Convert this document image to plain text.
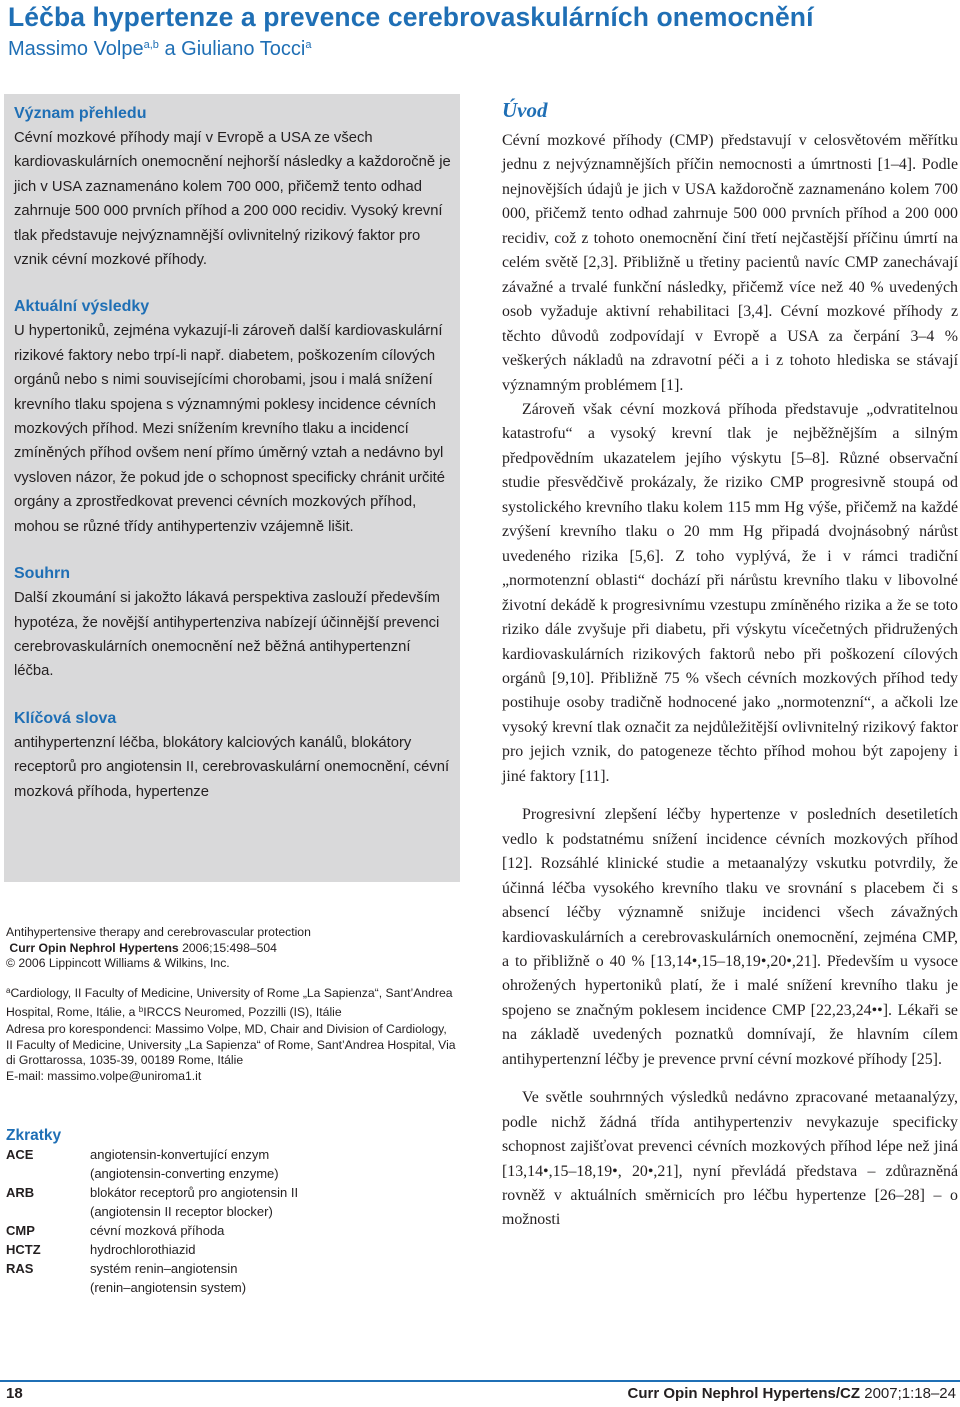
Léčba hypertenze a prevence cerebrovaskulárních onemocnění
Massimo Volpe$^{a,b}$ a Giuliano Tocci$^a$

Význam přehledu

Cévní mozkové příhody mají v Evropě a USA ze všech kardiovaskulárních onemocnění nejhorší následky a každoročně je jich v USA zaznamenáno kolem 700 000, přičemž tento odhad zahrnuje 500 000 prvních příhod a 200 000 recidiv. Vysoký krevní tlak představuje nejvýznamnější ovlivnitelný rizikový faktor pro vznik cévní mozkové příhody.

Aktuální výsledky

U hypertoniků, zejména vykazují-li zároveň další kardiovaskulární rizikové faktory nebo trpí-li např. diabetem, poškozením cílových orgánů nebo s nimi souvisejícími chorobami, jsou i malá snížení krevního tlaku spojena s významnými poklesy incidence cévních mozkových příhod. Mezi snížením krevního tlaku a incidencí zmíněných příhod ovšem není přímo úměrný vztah a nedávno byl vysloven názor, že pokud jde o schopnost specificky chránit určité orgány a zprostředkovat prevenci cévních mozkových příhod, mohou se různé třídy antihypertenziv vzájemně lišit.

Souhrn

Další zkoumání si jakožto lákavá perspektiva zaslouží především hypotéza, že novější antihypertenziva nabízejí účinnější prevenci cerebrovaskulárních onemocnění než běžná antihypertenzní léčba.

Klíčová slova

antihypertenzní léčba, blokátory kalciových kanálů, blokátory receptorů pro angiotensin II, cerebrovaskulární onemocnění, cévní mozková příhoda, hypertenze

Antihypertensive therapy and cerebrovascular protection
Curr Opin Nephrol Hypertens 2006;15:498–504
© 2006 Lippincott Williams & Wilkins, Inc.
$^a$Cardiology, II Faculty of Medicine, University of Rome „La Sapienza“, Sant’Andrea Hospital, Rome, Itálie, a $^b$IRCCS Neuromed, Pozzilli (IS), Itálie
Adresa pro korespondenci: Massimo Volpe, MD, Chair and Division of Cardiology, II Faculty of Medicine, University „La Sapienza“ of Rome, Sant’Andrea Hospital, Via di Grottarossa, 1035-39, 00189 Rome, Itálie
E-mail: massimo.volpe@uniroma1.it
Zkratky
ACE	angiotensin-konvertující enzym
	(angiotensin-converting enzyme)
ARB	blokátor receptorů pro angiotensin II
	(angiotensin II receptor blocker)
CMP	cévní mozková příhoda
HCTZ	hydrochlorothiazid
RAS	systém renin–angiotensin
	(renin–angiotensin system)
Úvod

Cévní mozkové příhody (CMP) představují v celosvětovém měřítku jednu z nejvýznamnějších příčin nemocnosti a úmrtnosti [1–4]. Podle nejnovějších údajů je jich v USA každoročně zaznamenáno kolem 700 000, přičemž tento odhad zahrnuje 500 000 prvních příhod a 200 000 recidiv, což z tohoto onemocnění činí třetí nejčastější příčinu úmrtí na celém světě [2,3]. Přibližně u třetiny pacientů navíc CMP zanechávají závažné a trvalé funkční následky, přičemž více než 40 % uvedených osob vyžaduje aktivní rehabilitaci [3,4]. Cévní mozkové příhody z těchto důvodů zodpovídají v Evropě a USA za čerpání 3–4 % veškerých nákladů na zdravotní péči a i z tohoto hlediska se stávají významným problémem [1].

Zároveň však cévní mozková příhoda představuje „odvratitelnou katastrofu“ a vysoký krevní tlak je nejběžnějším a silným předpovědním ukazatelem jejího výskytu [5–8]. Různé observační studie přesvědčivě prokázaly, že riziko CMP progresivně stoupá od systolického krevního tlaku kolem 115 mm Hg výše, přičemž na každé zvýšení krevního tlaku o 20 mm Hg připadá dvojnásobný nárůst uvedeného rizika [5,6]. Z toho vyplývá, že i v rámci tradiční „normotenzní oblasti“ dochází při nárůstu krevního tlaku v libovolné životní dekádě k progresivnímu vzestupu zmíněného rizika a že se toto riziko dále zvyšuje při diabetu, při výskytu vícečetných přidružených kardiovaskulárních rizikových faktorů nebo při poškození cílových orgánů [9,10]. Přibližně 75 % všech cévních mozkových příhod tedy postihuje osoby tradičně hodnocené jako „normotenzní“, a ačkoli lze vysoký krevní tlak označit za nejdůležitější ovlivnitelný rizikový faktor pro jejich vznik, do patogeneze těchto příhod mohou být zapojeny i jiné faktory [11].

Progresivní zlepšení léčby hypertenze v posledních desetiletích vedlo k podstatnému snížení incidence cévních mozkových příhod [12]. Rozsáhlé klinické studie a metaanalýzy vskutku potvrdily, že účinná léčba vysokého krevního tlaku ve srovnání s placebem či s absencí léčby významně snižuje incidenci všech závažných kardiovaskulárních a cerebrovaskulárních onemocnění, zejména CMP, a to přibližně o 40 % [13,14•,15–18,19•,20•,21]. Především u vysoce ohrožených hypertoniků platí, že i malé snížení krevního tlaku je spojeno se značným poklesem incidence CMP [22,23,24••]. Lékaři se na základě uvedených poznatků domnívají, že hlavním cílem antihypertenzní léčby je prevence první cévní mozkové příhody [25].

Ve světle souhrnných výsledků nedávno zpracované metaanalýzy, podle nichž žádná třída antihypertenziv nevykazuje specificky schopnost zajišťovat prevenci cévních mozkových příhod lépe než jiná [13,14•,15–18,19•, 20•,21], nyní převládá představa – zdůrazněná rovněž v aktuálních směrnicích pro léčbu hypertenze [26–28] – o možnosti

18	Curr Opin Nephrol Hypertens/CZ 2007;1:18–24
